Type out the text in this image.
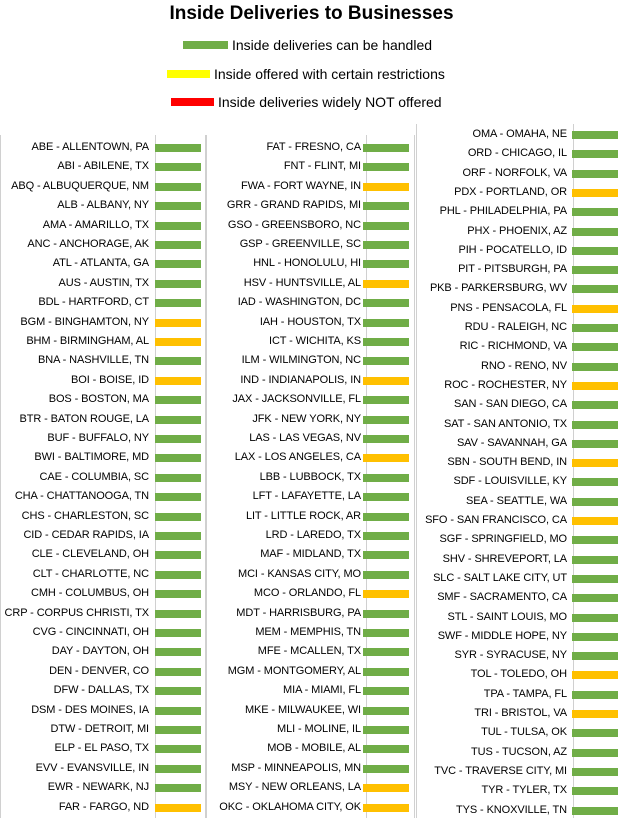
Inside Deliveries to Businesses
Inside deliveries can be handled
Inside offered with certain restrictions
Inside deliveries widely NOT offered
ABE - ALLENTOWN, PA
ABI - ABILENE, TX
ABQ - ALBUQUERQUE, NM
ALB - ALBANY, NY
AMA - AMARILLO, TX
ANC - ANCHORAGE, AK
ATL - ATLANTA, GA
AUS - AUSTIN, TX
BDL - HARTFORD, CT
BGM - BINGHAMTON, NY
BHM - BIRMINGHAM, AL
BNA - NASHVILLE, TN
BOI - BOISE, ID
BOS - BOSTON, MA
BTR - BATON ROUGE, LA
BUF - BUFFALO, NY
BWI - BALTIMORE, MD
CAE - COLUMBIA, SC
CHA - CHATTANOOGA, TN
CHS - CHARLESTON, SC
CID - CEDAR RAPIDS, IA
CLE - CLEVELAND, OH
CLT - CHARLOTTE, NC
CMH - COLUMBUS, OH
CRP - CORPUS CHRISTI, TX
CVG - CINCINNATI, OH
DAY - DAYTON, OH
DEN - DENVER, CO
DFW - DALLAS, TX
DSM - DES MOINES, IA
DTW - DETROIT, MI
ELP - EL PASO, TX
EVV - EVANSVILLE, IN
EWR - NEWARK, NJ
FAR - FARGO, ND
FAT - FRESNO, CA
FNT - FLINT, MI
FWA - FORT WAYNE, IN
GRR - GRAND RAPIDS, MI
GSO - GREENSBORO, NC
GSP - GREENVILLE, SC
HNL - HONOLULU, HI
HSV - HUNTSVILLE, AL
IAD - WASHINGTON, DC
IAH - HOUSTON, TX
ICT - WICHITA, KS
ILM - WILMINGTON, NC
IND - INDIANAPOLIS, IN
JAX - JACKSONVILLE, FL
JFK - NEW YORK, NY
LAS - LAS VEGAS, NV
LAX - LOS ANGELES, CA
LBB - LUBBOCK, TX
LFT - LAFAYETTE, LA
LIT - LITTLE ROCK, AR
LRD - LAREDO, TX
MAF - MIDLAND, TX
MCI - KANSAS CITY, MO
MCO - ORLANDO, FL
MDT - HARRISBURG, PA
MEM - MEMPHIS, TN
MFE - MCALLEN, TX
MGM - MONTGOMERY, AL
MIA - MIAMI, FL
MKE - MILWAUKEE, WI
MLI - MOLINE, IL
MOB - MOBILE, AL
MSP - MINNEAPOLIS, MN
MSY - NEW ORLEANS, LA
OKC - OKLAHOMA CITY, OK
OMA - OMAHA, NE
ORD - CHICAGO, IL
ORF - NORFOLK, VA
PDX - PORTLAND, OR
PHL - PHILADELPHIA, PA
PHX - PHOENIX, AZ
PIH - POCATELLO, ID
PIT - PITSBURGH, PA
PKB - PARKERSBURG, WV
PNS - PENSACOLA, FL
RDU - RALEIGH, NC
RIC - RICHMOND, VA
RNO - RENO, NV
ROC - ROCHESTER, NY
SAN - SAN DIEGO, CA
SAT - SAN ANTONIO, TX
SAV - SAVANNAH, GA
SBN - SOUTH BEND, IN
SDF - LOUISVILLE, KY
SEA - SEATTLE, WA
SFO - SAN FRANCISCO, CA
SGF - SPRINGFIELD, MO
SHV - SHREVEPORT, LA
SLC - SALT LAKE CITY, UT
SMF - SACRAMENTO, CA
STL - SAINT LOUIS, MO
SWF - MIDDLE HOPE, NY
SYR - SYRACUSE, NY
TOL - TOLEDO, OH
TPA - TAMPA, FL
TRI - BRISTOL, VA
TUL - TULSA, OK
TUS - TUCSON, AZ
TVC - TRAVERSE CITY, MI
TYR - TYLER, TX
TYS - KNOXVILLE, TN
